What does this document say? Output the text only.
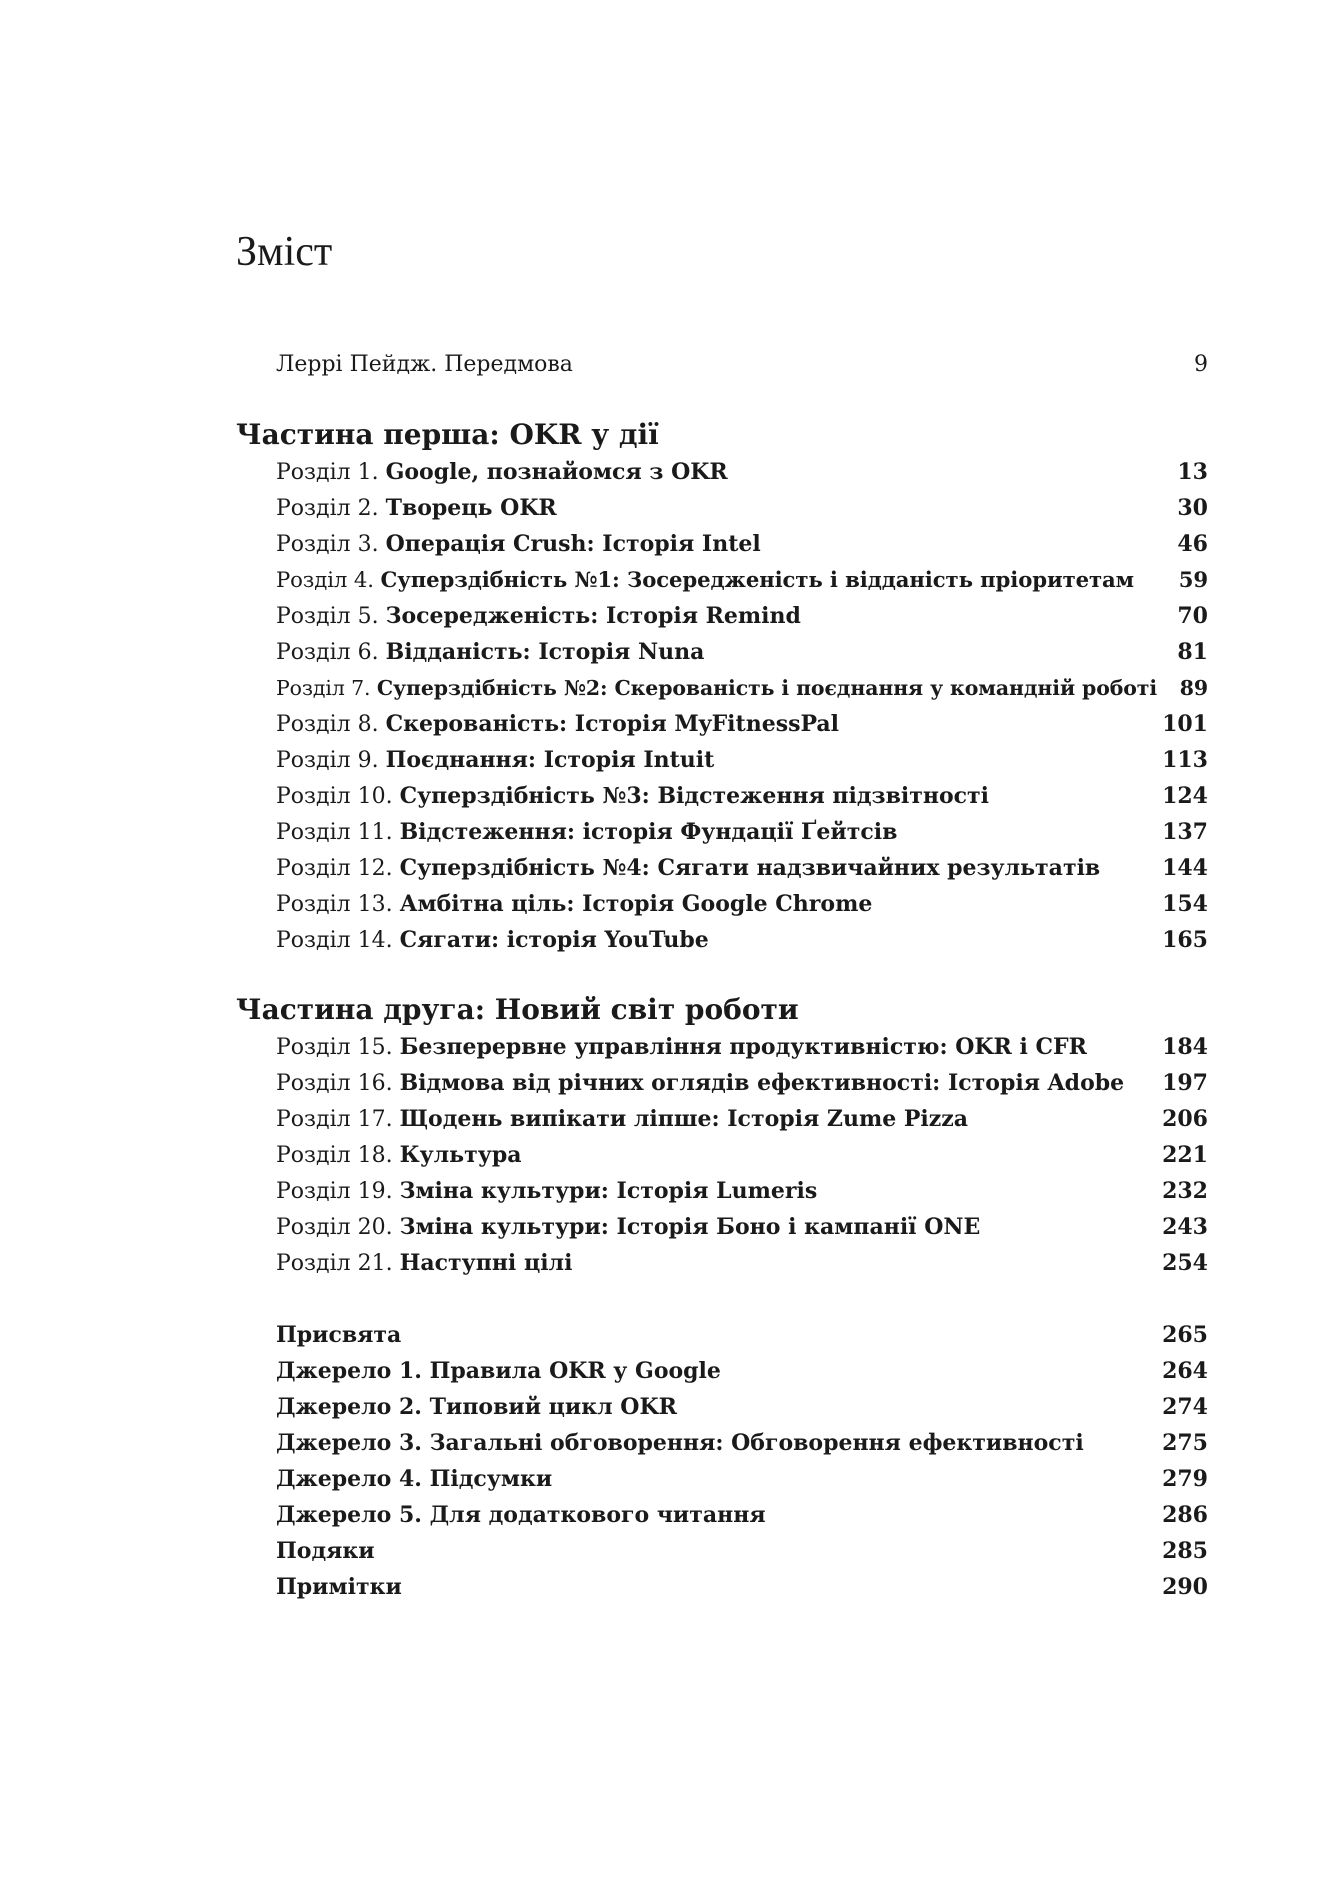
Зміст
Леррі Пейдж. Передмова	9
Частина перша: OKR у дії
Розділ 1. Google, познайомся з OKR	13
Розділ 2. Творець OKR	30
Розділ 3. Операція Crush: Історія Intel	46
Розділ 4. Суперздібність №1: Зосередженість і відданість пріоритетам 59
Розділ 5. Зосередженість: Історія Remind	70
Розділ 6. Відданість: Історія Nuna	81
Розділ 7. Суперздібність №2: Скерованість і поєднання у командній роботі 89
Розділ 8. Скерованість: Історія MyFitnessPal	101
Розділ 9. Поєднання: Історія Intuit	113
Розділ 10. Суперздібність №3: Відстеження підзвітності	124
Розділ 11. Відстеження: історія Фундації Ґейтсів	137
Розділ 12. Суперздібність №4: Сягати надзвичайних результатів	144
Розділ 13. Амбітна ціль: Історія Google Chrome	154
Розділ 14. Сягати: історія YouTube	165
Частина друга: Новий світ роботи
Розділ 15. Безперервне управління продуктивністю: OKR і CFR	184
Розділ 16. Відмова від річних оглядів ефективності: Історія Adobe 197
Розділ 17. Щодень випікати ліпше: Історія Zume Pizza	206
Розділ 18. Культура	221
Розділ 19. Зміна культури: Історія Lumeris	232
Розділ 20. Зміна культури: Історія Боно і кампанії ONE	243
Розділ 21. Наступні цілі	254
Присвята	265
Джерело 1. Правила OKR у Google	264
Джерело 2. Типовий цикл OKR	274
Джерело 3. Загальні обговорення: Обговорення ефективності	275
Джерело 4. Підсумки	279
Джерело 5. Для додаткового читання	286
Подяки	285
Примітки	290
